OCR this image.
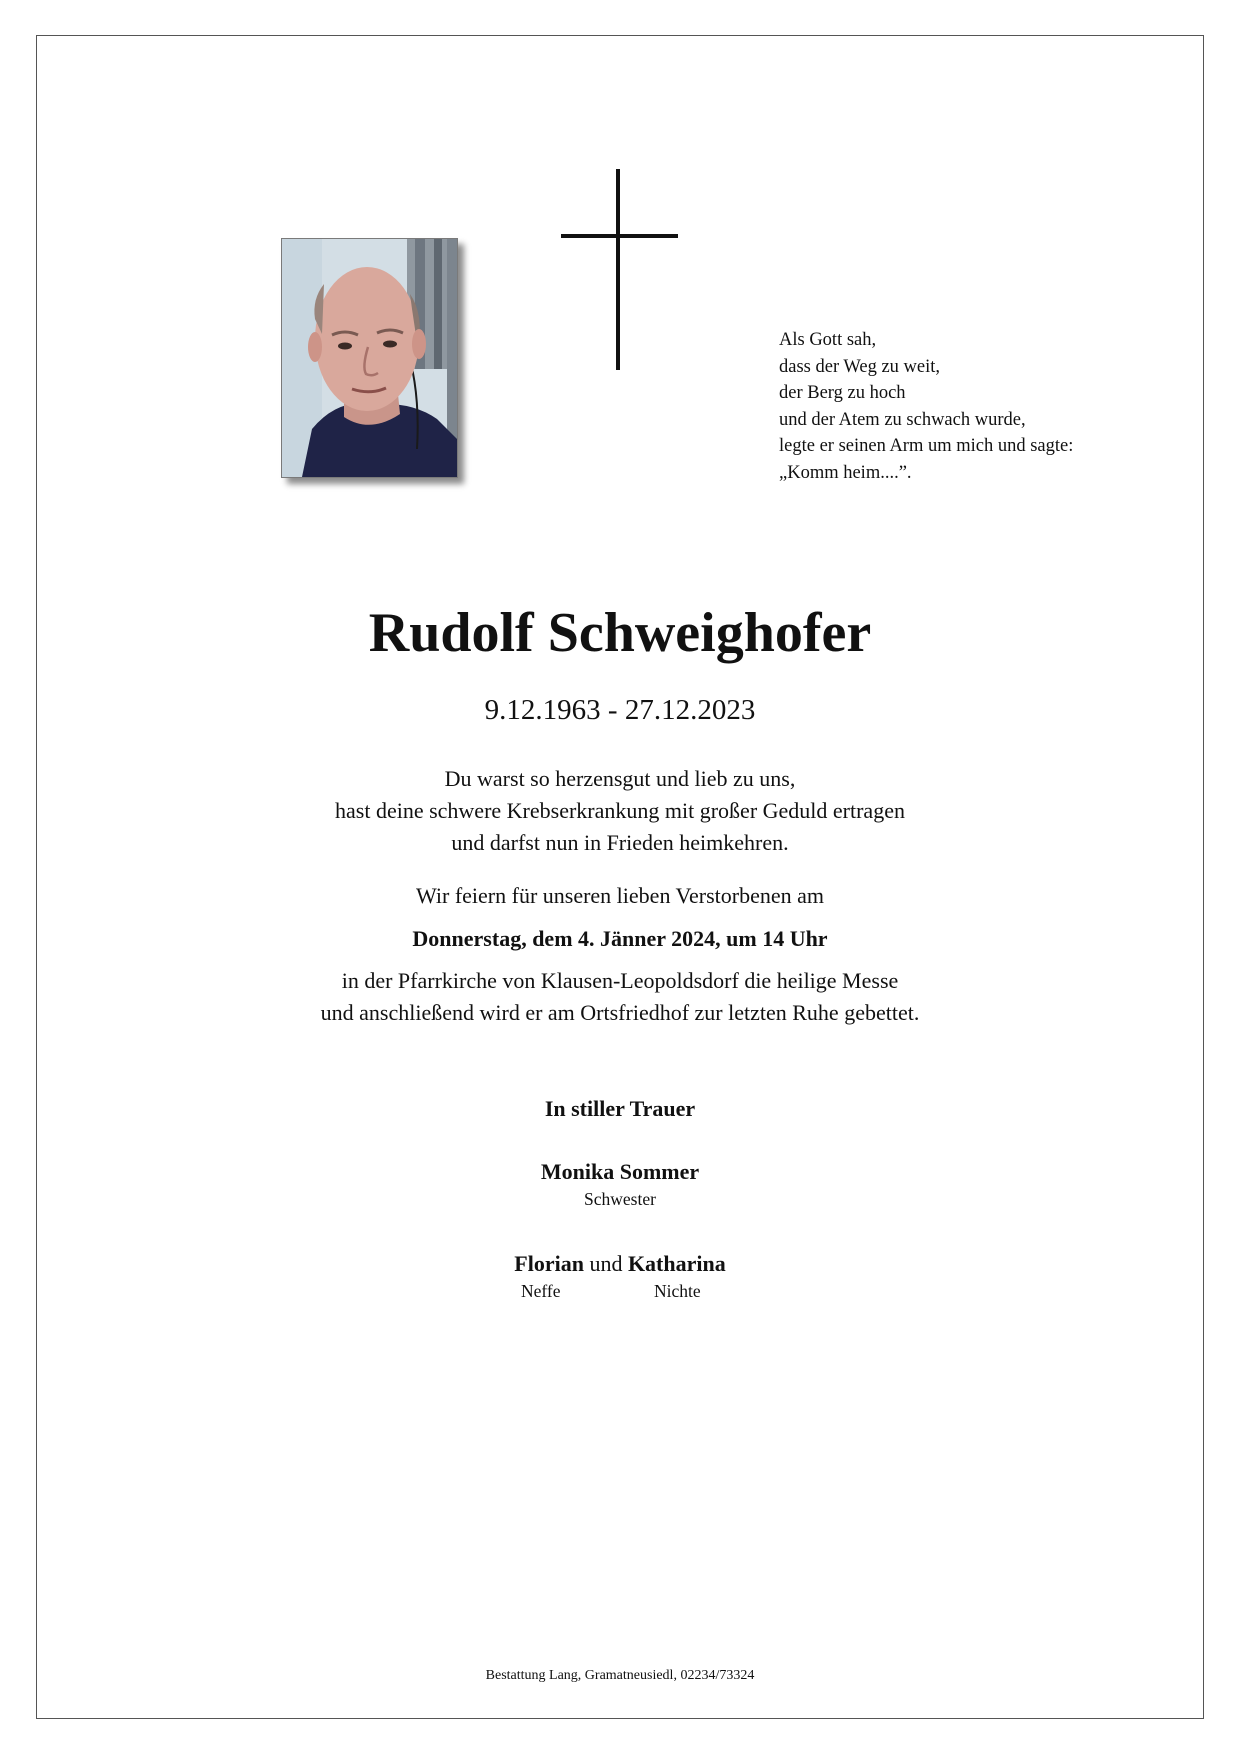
Als Gott sah,
dass der Weg zu weit,
der Berg zu hoch
und der Atem zu schwach wurde,
legte er seinen Arm um mich und sagte:
„Komm heim....”.
Rudolf Schweighofer
9.12.1963 - 27.12.2023
Du warst so herzensgut und lieb zu uns,
hast deine schwere Krebserkrankung mit großer Geduld ertragen
und darfst nun in Frieden heimkehren.
Wir feiern für unseren lieben Verstorbenen am
Donnerstag, dem 4. Jänner 2024, um 14 Uhr
in der Pfarrkirche von Klausen-Leopoldsdorf die heilige Messe
und anschließend wird er am Ortsfriedhof zur letzten Ruhe gebettet.
In stiller Trauer
Monika Sommer
Schwester
Florian und Katharina
Neffe	Nichte
Bestattung Lang, Gramatneusiedl, 02234/73324
